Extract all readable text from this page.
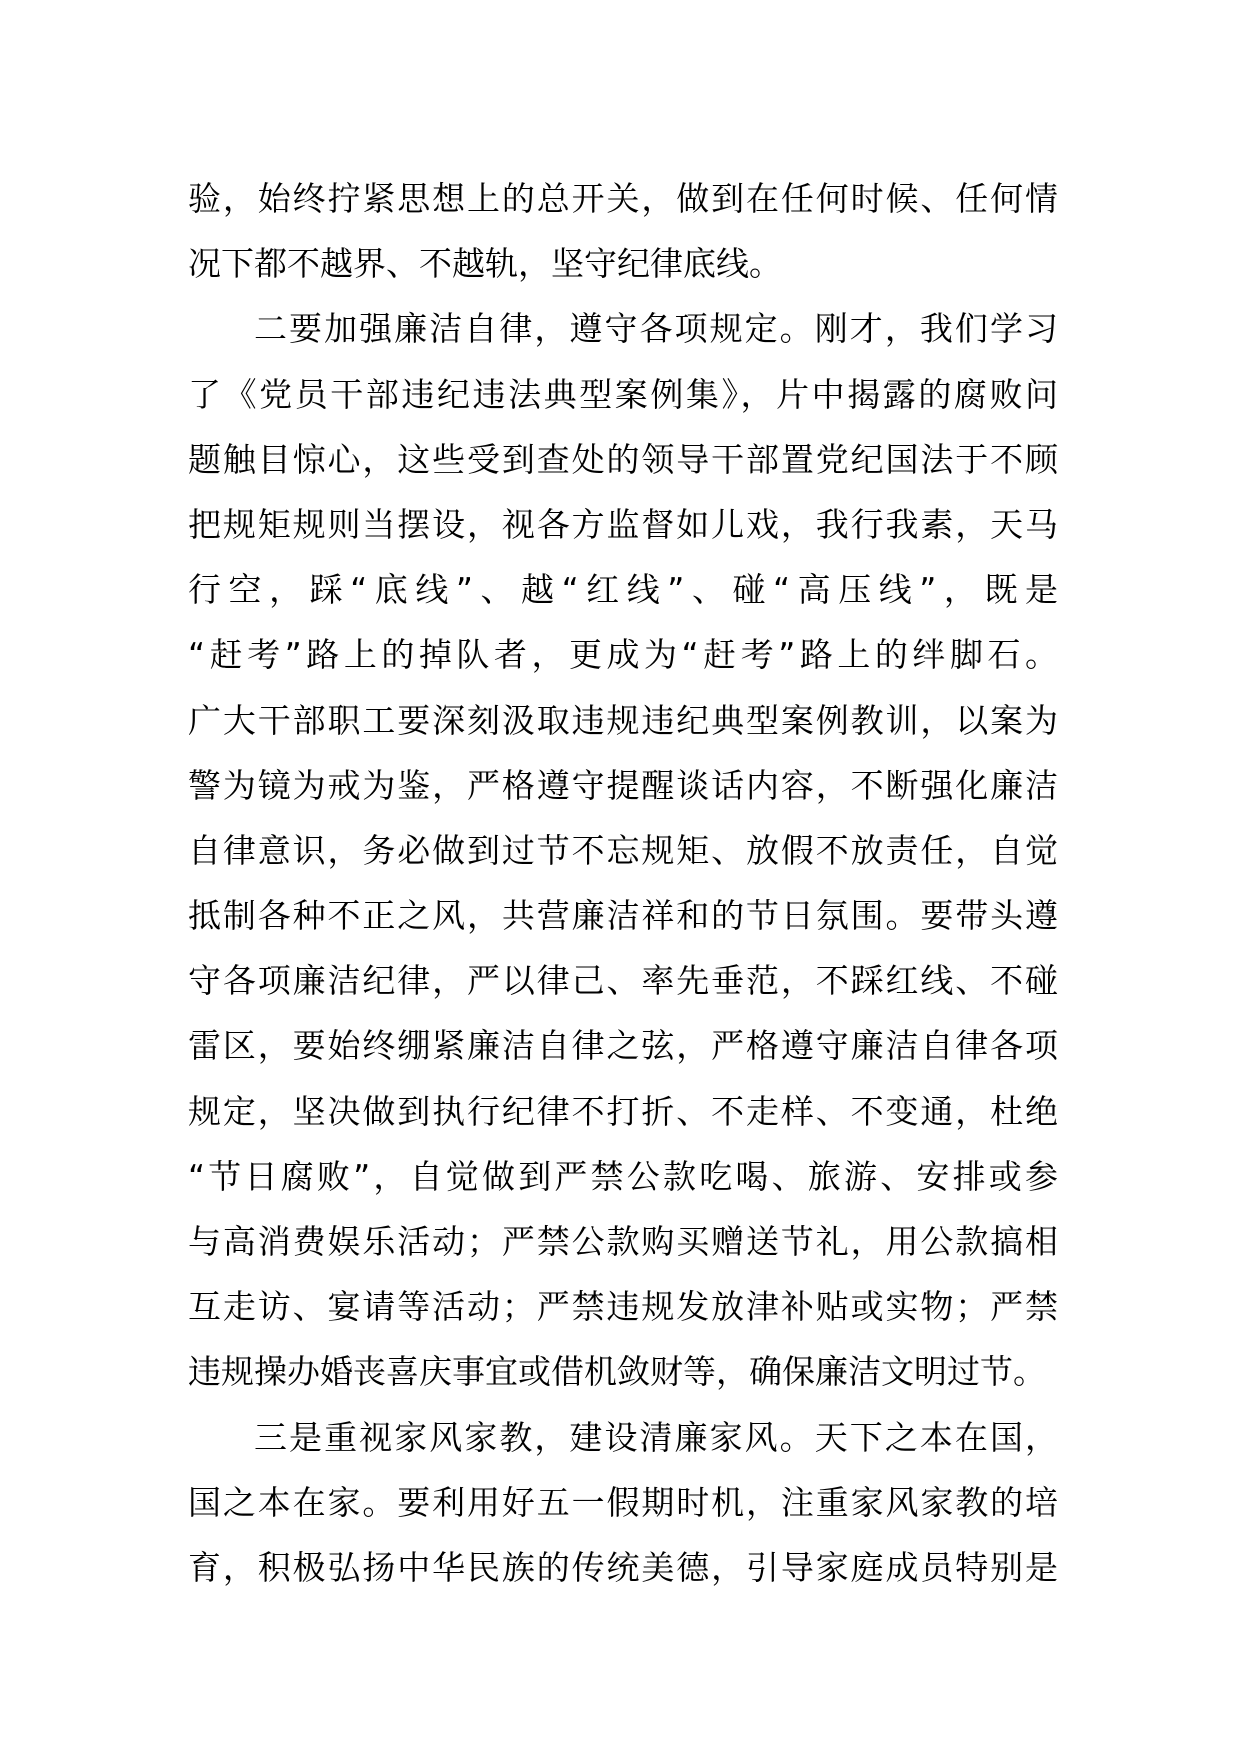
验，始终拧紧思想上的总开关，做到在任何时候、任何情
况下都不越界、不越轨，坚守纪律底线。
二要加强廉洁自律，遵守各项规定。刚才，我们学习
了《党员干部违纪违法典型案例集》，片中揭露的腐败问
题触目惊心，这些受到查处的领导干部置党纪国法于不顾
把规矩规则当摆设，视各方监督如儿戏，我行我素，天马
行空，踩“底线”、越“红线”、碰“高压线”，既是
“赶考”路上的掉队者，更成为“赶考”路上的绊脚石。
广大干部职工要深刻汲取违规违纪典型案例教训，以案为
警为镜为戒为鉴，严格遵守提醒谈话内容，不断强化廉洁
自律意识，务必做到过节不忘规矩、放假不放责任，自觉
抵制各种不正之风，共营廉洁祥和的节日氛围。要带头遵
守各项廉洁纪律，严以律己、率先垂范，不踩红线、不碰
雷区，要始终绷紧廉洁自律之弦，严格遵守廉洁自律各项
规定，坚决做到执行纪律不打折、不走样、不变通，杜绝
“节日腐败”，自觉做到严禁公款吃喝、旅游、安排或参
与高消费娱乐活动；严禁公款购买赠送节礼，用公款搞相
互走访、宴请等活动；严禁违规发放津补贴或实物；严禁
违规操办婚丧喜庆事宜或借机敛财等，确保廉洁文明过节。
三是重视家风家教，建设清廉家风。天下之本在国，
国之本在家。要利用好五一假期时机，注重家风家教的培
育，积极弘扬中华民族的传统美德，引导家庭成员特别是
